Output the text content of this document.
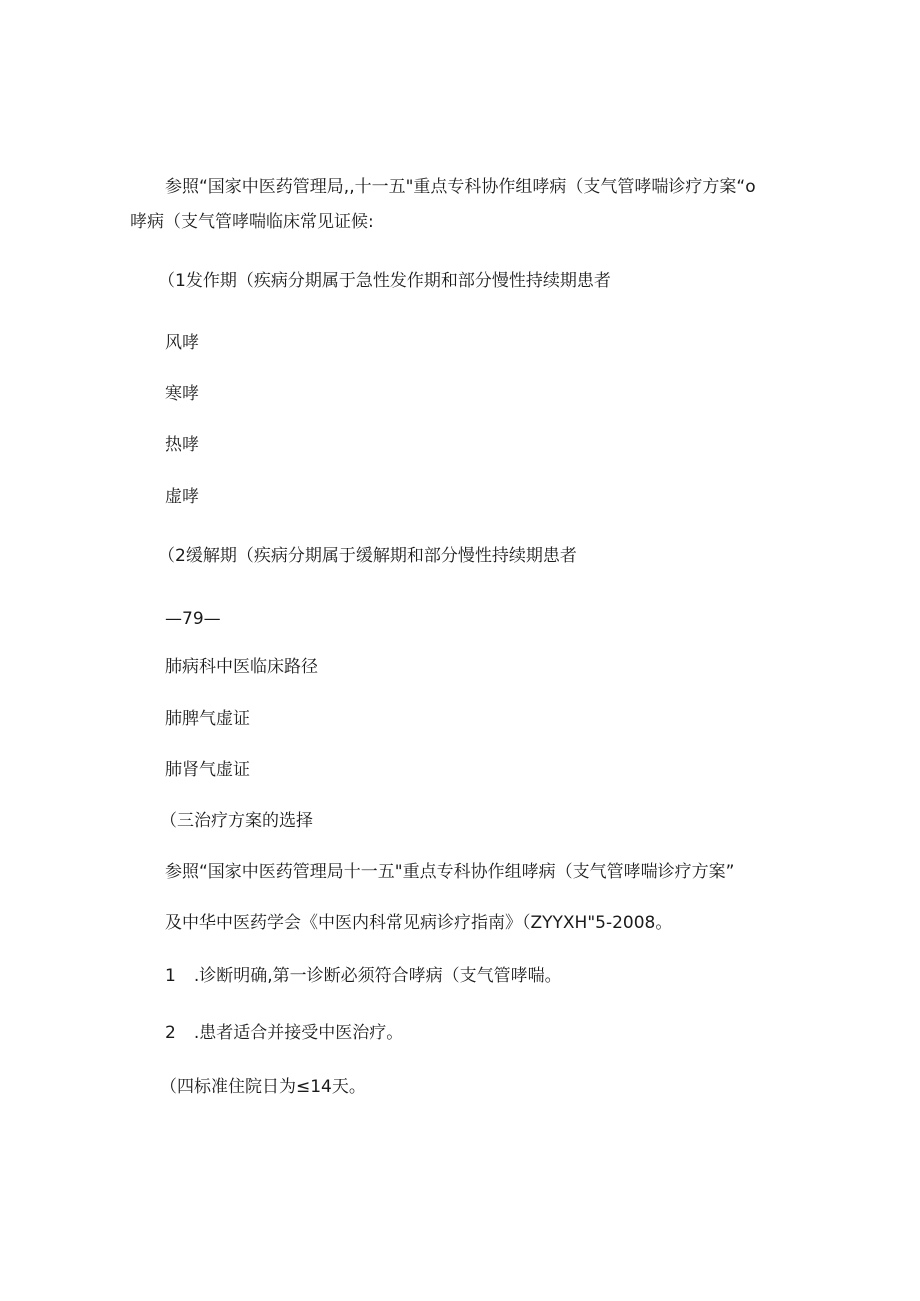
参照“国家中医药管理局,,十一五"重点专科协作组哮病（支气管哮喘诊疗方案“o
哮病（支气管哮喘临床常见证候:
（1发作期（疾病分期属于急性发作期和部分慢性持续期患者
风哮
寒哮
热哮
虚哮
（2缓解期（疾病分期属于缓解期和部分慢性持续期患者
—79—
肺病科中医临床路径
肺脾气虚证
肺肾气虚证
（三治疗方案的选择
参照“国家中医药管理局十一五"重点专科协作组哮病（支气管哮喘诊疗方案”
及中华中医药学会《中医内科常见病诊疗指南》（ZYYXH"5-2008。
1 .诊断明确,第一诊断必须符合哮病（支气管哮喘。
2 .患者适合并接受中医治疗。
（四标准住院日为≤14天。
